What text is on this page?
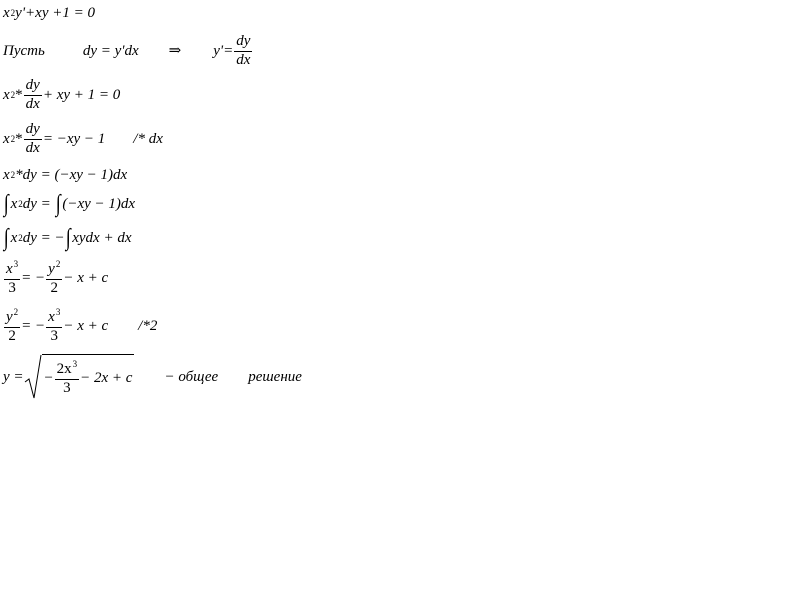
x 2 y'+xy +1 = 0
Пусть	dy = y'dx ⇒ $y'= \frac{dy}{dx}$
x $2 * \frac{dy}{dx}$ + xy + 1 = 0
x $2 * \frac{dy}{dx} = -xy - 1$ /* dx
x 2 *dy = (−xy − 1)dx
∫ x 2 dy = ∫ (−xy − 1)dx
∫ x 2 dy = − ∫ xydx + dx
$\frac{x^3}{3}$ = − $\frac{y^2}{2} - x + c$
$\frac{y^2}{2}$ = − $\frac{x^3}{3} - x + c$ /*2
y = − $\frac{2x^3}{3} - 2x + c$ − общее решение
